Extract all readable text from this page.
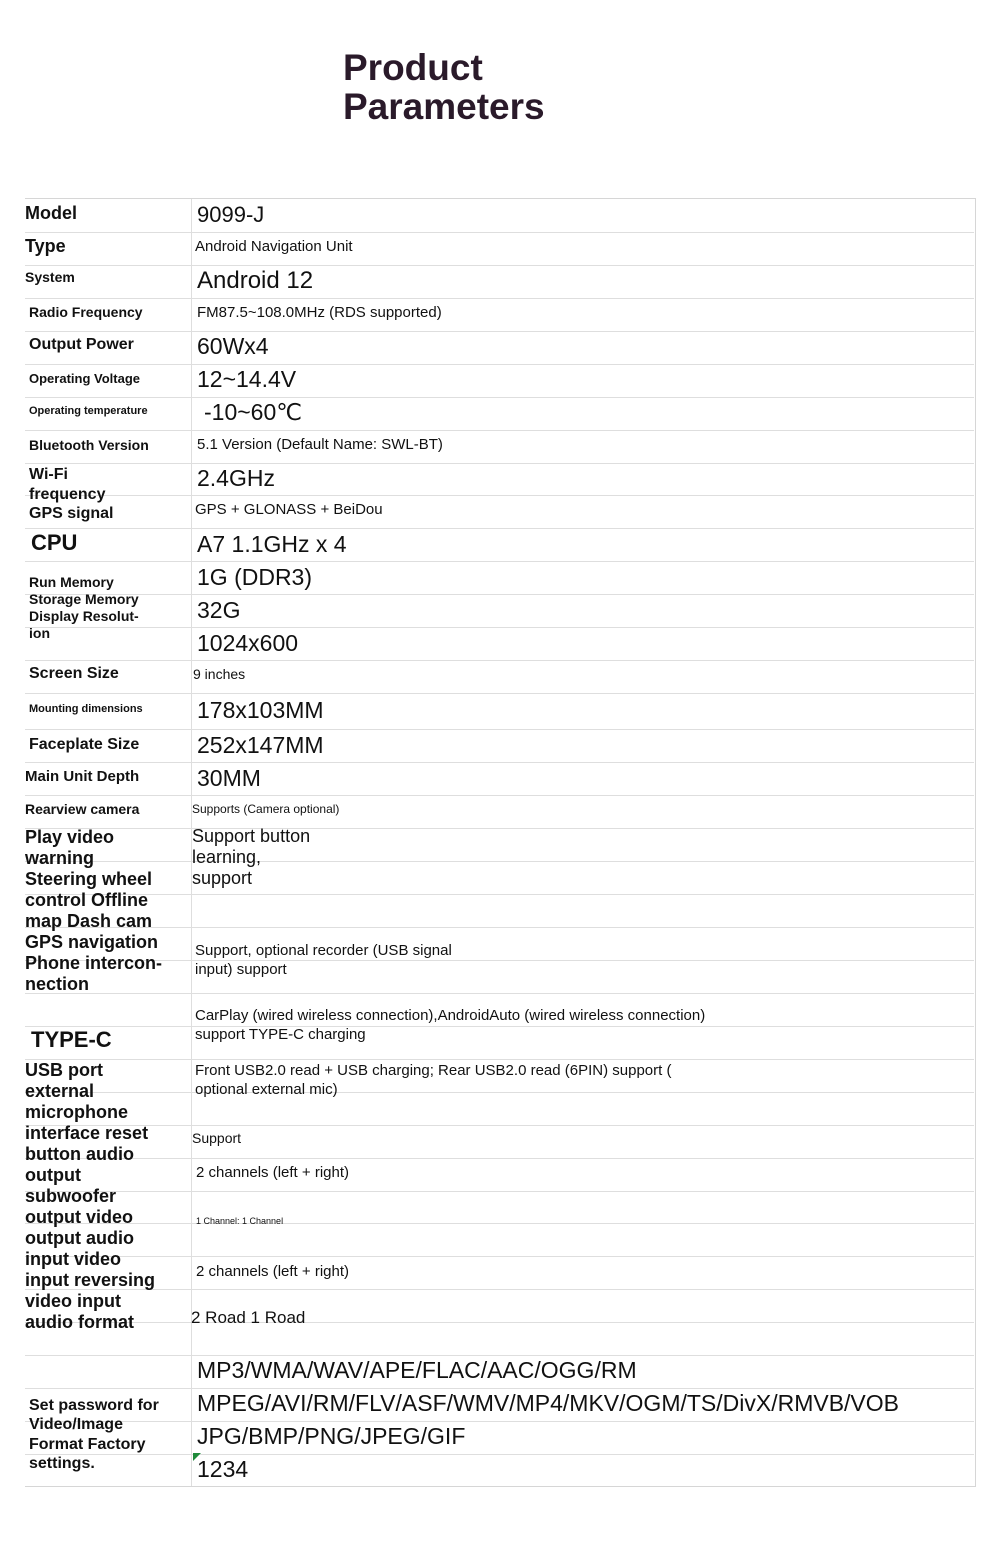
Product
Parameters
Model
Type
System
Radio Frequency
Output Power
Operating Voltage
Operating temperature
Bluetooth Version
Wi-Fi
frequency
GPS signal
CPU
Run Memory
Storage Memory
Display Resolut-
ion
Screen Size
Mounting dimensions
Faceplate Size
Main Unit Depth
Rearview camera
Play video
warning
Steering wheel
control Offline
map Dash cam
GPS navigation
Phone intercon-
nection
TYPE-C
USB port
external
microphone
interface reset
button audio
output
subwoofer
output video
output audio
input video
input reversing
video input
audio format
Set password for
Video/Image
Format Factory
settings.
9099-J
Android Navigation Unit
Android 12
FM87.5~108.0MHz (RDS supported)
60Wx4
12~14.4V
-10~60℃
5.1 Version (Default Name: SWL-BT)
2.4GHz
GPS + GLONASS + BeiDou
A7 1.1GHz x 4
1G (DDR3)
32G
1024x600
9 inches
178x103MM
252x147MM
30MM
Supports (Camera optional)
Support button
learning,
support
Support, optional recorder (USB signal
input) support
CarPlay (wired wireless connection),AndroidAuto (wired wireless connection)
support TYPE-C charging
Front USB2.0 read + USB charging; Rear USB2.0 read (6PIN) support (
optional external mic)
Support
2 channels (left + right)
1 Channel: 1 Channel
2 channels (left + right)
2 Road 1 Road
MP3/WMA/WAV/APE/FLAC/AAC/OGG/RM
MPEG/AVI/RM/FLV/ASF/WMV/MP4/MKV/OGM/TS/DivX/RMVB/VOB
JPG/BMP/PNG/JPEG/GIF
1234
